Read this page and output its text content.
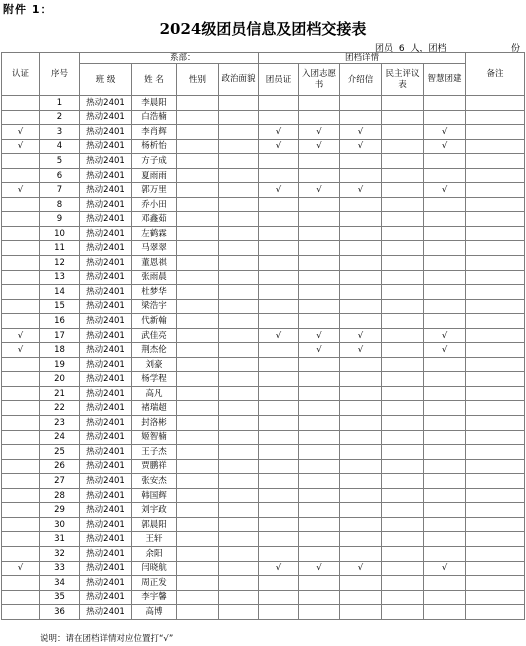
附件 1：
2024级团员信息及团档交接表
团员 6 人，团档	份
认证	序号	系部：				团档详情					备注
		班 级	姓 名	性别	政治面貌	团员证	入团志愿书	介绍信	民主评议表	智慧团建	
	1	热动2401	李晨阳								
	2	热动2401	白浩楠								
√	3	热动2401	李肖辉			√	√	√		√	
√	4	热动2401	杨析怡			√	√	√		√	
	5	热动2401	方子成								
	6	热动2401	夏雨雨								
√	7	热动2401	郭万里			√	√	√		√	
	8	热动2401	乔小田								
	9	热动2401	邓鑫茹								
	10	热动2401	左鹤霖								
	11	热动2401	马翠翠								
	12	热动2401	董恩祺								
	13	热动2401	张雨晨								
	14	热动2401	杜梦华								
	15	热动2401	梁浩宇								
	16	热动2401	代新翰								
√	17	热动2401	武佳亮			√	√	√		√	
√	18	热动2401	荆杰伦				√	√		√	
	19	热动2401	刘豪								
	20	热动2401	杨学程								
	21	热动2401	高凡								
	22	热动2401	褚瑞超								
	23	热动2401	封洛彬								
	24	热动2401	姬智楠								
	25	热动2401	王子杰								
	26	热动2401	贾鹏祥								
	27	热动2401	张安杰								
	28	热动2401	韩国辉								
	29	热动2401	刘宇政								
	30	热动2401	郭晨阳								
	31	热动2401	王轩								
	32	热动2401	余阳								
√	33	热动2401	闫晓航			√	√	√		√	
	34	热动2401	周正发								
	35	热动2401	李宇馨								
	36	热动2401	高博								
说明：请在团档详情对应位置打“√”
